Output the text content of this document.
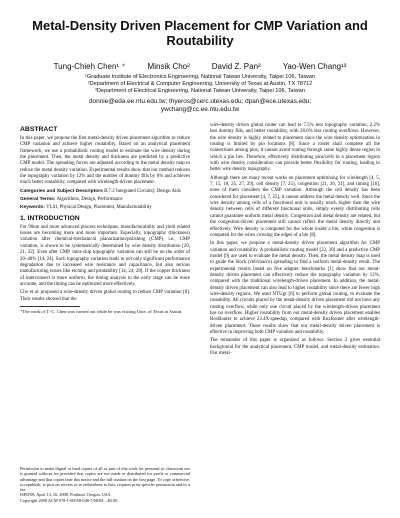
Metal-Density Driven Placement for CMP Variation and Routability
Tung-Chieh Chen¹ ⁺	Minsik Cho²	David Z. Pan²	Yao-Wen Chang¹³
¹Graduate Institute of Electronics Engineering, National Taiwan University, Taipei 106, Taiwan
²Department of Electrical & Computer Engineering, University of Texas at Austin, TX 78712
³Department of Electrical Engineering, National Taiwan University, Taipei 106, Taiwan
donnie@eda.ee.ntu.edu.tw; thyeros@cerc.utexas.edu; dpan@ece.utexas.edu;
ywchang@cc.ee.ntu.edu.tw
ABSTRACT

In this paper, we propose the first metal-density driven placement algorithm to reduce CMP variation and achieve higher routability. Based on an analytical placement framework, we use a probabilistic routing model to estimate the wire density during the placement. Then, the metal density and thickness are predicted by a predictive CMP model. The spreading forces are adjusted according to the metal density map to reduce the metal density variation. Experimental results show that our method reduces the topography variation by 12% and the number of dummy fills by 6% and achieves much better routability, compared with wirelength-driven placement.

Categories and Subject Descriptors B.7.2 Integrated Circuits]: Design Aids

General Terms: Algorithms, Design, Performance

Keywords: VLSI, Physical Design, Placement, Manufacturability

1. INTRODUCTION

For 90nm and more advanced process techniques, manufacturability and yield related issues are becoming more and more important. Especially, topography (thickness) variation after chemical-mechanical planarization/polishing (CMP), i.e., CMP variation, is shown to be systematically determined by wire density distribution [20, 21, 32]. Even after CMP, intra-chip topography variation can still be on the order of 20–40% [14, 24]. Such topography variation leads to not only significant performance degradation due to increased wire resistance and capacitance, but also serious manufacturing issues like etching and printability [14, 24, 28]. If the copper thickness of interconnect is more uniform, the timing analysis in the early stage can be more accurate, and the timing can be optimized more effectively.

Cho et al. proposed a wire-density driven global routing to reduce CMP variation [8]. Their results showed that the

⁺The work of T.-C. Chen was carried out while he was visiting Univ. of Texas at Austin.
Permission to make digital or hard copies of all or part of this work for personal or classroom use is granted without fee provided that copies are not made or distributed for profit or commercial advantage and that copies bear this notice and the full citation on the first page. To copy otherwise, to republish, to post on servers or to redistribute to lists, requires prior specific permission and/or a fee.
ISPD'08, April 13–16, 2008, Portland, Oregon, USA.
Copyright 2008 ACM 978-1-60558-048-7/08/04 ...$5.00.

wire-density driven global router can lead to 7.5% less topography variation, 2.2% less dummy fills, and better routability, with 28.6% less routing overflows. However, the wire density is highly related to placement since the wire density optimization in routing is limited by pin locations [8]. Since a router shall complete all the connections among pins, it cannot avoid routing through some highly dense region in which a pin lies. Therefore, effectively distributing pins/cells in a placement region with wire density consideration can provide better flexibility for routing, leading to better wire density topography.

Although there are many recent works on placement optimizing for wirelength [4, 5, 7, 15, 18, 25, 27, 29], cell density [7, 25], congestion [21, 26, 31], and timing [16], none of them considers the CMP variation. Although the cell density has been considered for placement [4, 7, 25], it cannot address the metal density well. Since the wire density among cells of a functional unit is usually much higher than the wire density between cells of different functional units, simply evenly distributing cells cannot guarantee uniform metal density. Congestion and metal density are related, but the congestion-driven placement still cannot reflect the metal density directly and effectively. Wire density is computed for the whole inside a bin, while congestion is computed for the wires crossing the edges of a bin [8].

In this paper, we propose a metal-density driven placement algorithm for CMP variation and routability. A probabilistic routing model [22, 30] and a predictive CMP model [9] are used to evaluate the metal density. Then, the metal density map is used to guide the block (cell/macro) spreading to find a uniform metal-density result. The experimental results based on five adaptec benchmarks [1] show that our metal-density driven placement can effectively reduce the topography variation by 12%, compared with the traditional wirelength-driven placement. In addition, the metal-density driven placement can also lead to higher routability since there are fewer high wire-density regions. We used NTUgr [6] to perform global routing, to evaluate the routability. All circuits placed by the metal-density driven placement did not have any routing overflow, while only one circuit placed by the wirelength-driven placement has no overflow. Higher routability from our metal-density driven placement enables BoxRouter to achieve 23.4X-speedup, compared with BoxRouter after wirelength-driven placement. These results show that our metal-density driven placement is effective in improving both CMP variation and routability.

The remainder of this paper is organized as follows. Section 2 gives essential background for the analytical placement, CMP model, and metal-density estimation. Our metal-
